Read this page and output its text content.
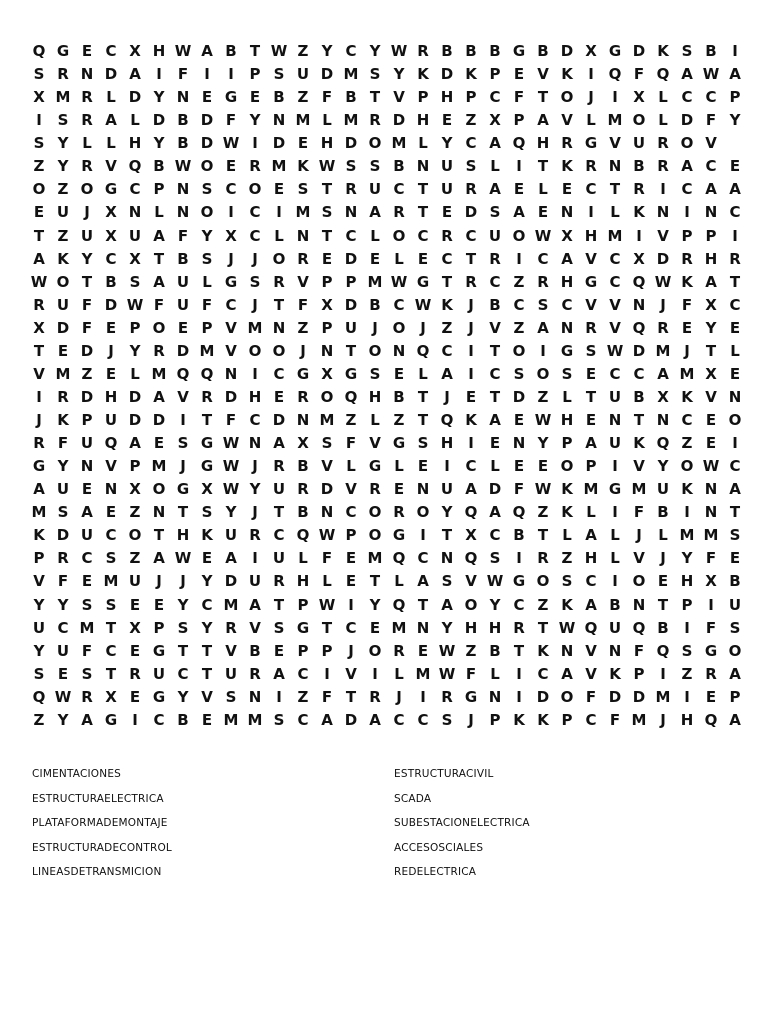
Q G E C X H W A B T W Z Y C Y W R B B B G B D X G D K S B	I
S R N D A	I	F	I	I	P S U D M S Y K D K P E V K	I Q F Q A W A
X M R L D Y N E G E B Z F B T V P H P C F T O J	I	X L C C P
I	S R A L D B D F Y N M L M R D H E Z X P A V L M O L D F Y
S Y L L H Y B D W I D E H D O M L Y C A Q H R G V U R O V
Z Y R V Q B W O E R M K W S S B N U S L	I	T K R N B R A C E
O Z O G C P N S C O E S T R U C T U R A E L E C T R	I	C A A
E U	J	X N L N O I	C	I M S N A R T E D S A E N I	L K N I N C
T Z U X U A F Y X C L N T C L O C R C U O W X H M I	V P P	I
A K Y C X T B S	J	J O R E D E L E C T R	I	C A V C X D R H R
W O T B S A U L G S R V P P M W G T R C Z R H G C Q W K A T
R U F D W F U F C	J	T F X D B C W K	J	B C S C V V N J	F X C
X D F E P O E P V M N Z P U	J O J	Z	J	V Z A N R V Q R E Y E
T E D J	Y R D M V O O J N T O N Q C	I	T O I	G S W D M J	T L
V M Z E L M Q Q N I	C G X G S E L A	I	C S O S E C C A M X E
I	R D H D A V R D H E R O Q H B T	J	E T D Z L T U B X K V N
J	K P U D D I	T F C D N M Z L Z T Q K A E W H E N T N C E O
R F U Q A E S G W N A X S F V G S H I	E N Y P A U K Q Z E	I
G Y N V P M J	G W J	R B V L G L E	I	C L E E O P	I	V Y O W C
A U E N X O G X W Y U R D V R E N U A D F W K M G M U K N A
M S A E Z N T S Y	J	T B N C O R O Y Q A Q Z K L	I	F B	I N T
K D U C O T H K U R C Q W P O G	I	T X C B T L A L	J	L M M S
P R C S Z A W E A	I	U L F E M Q C N Q S	I	R Z H L V	J	Y F E
V F E M U	J	J	Y D U R H L E T L A S V W G O S C	I O E H X B
Y Y S S E E Y C M A T P W I	Y Q T A O Y C Z K A B N T P	I	U
U C M T X P S Y R V S G T C E M N Y H H R T W Q U Q B	I	F S
Y U F C E G T T V B E P P	J O R E W Z B T K N V N F Q S G O
S E S T R U C T U R A C	I	V	I	L M W F L	I	C A V K P	I	Z R A
Q W R X E G Y V S N I	Z F T R	J	I	R G N I D O F D D M I	E P
Z Y A G	I	C B E M M S C A D A C C S	J	P K K P C F M J H Q A
CIMENTACIONES
ESTRUCTURAELECTRICA
PLATAFORMADEMONTAJE
ESTRUCTURADECONTROL
LINEASDETRANSMICION
ESTRUCTURACIVIL
SCADA
SUBESTACIONELECTRICA
ACCESOSCIALES
REDELECTRICA
